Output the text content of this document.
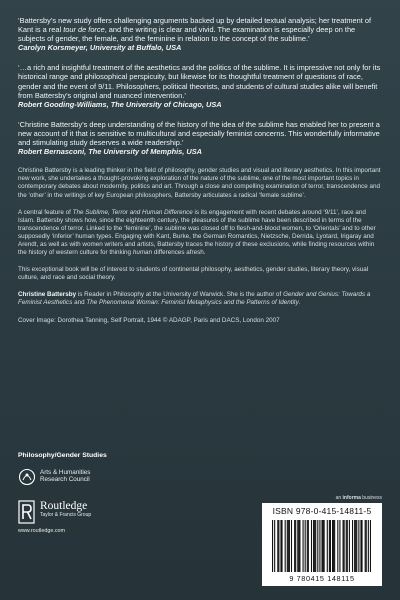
‘Battersby’s new study offers challenging arguments backed up by detailed textual analysis; her treatment of Kant is a real tour de force, and the writing is clear and vivid. The examination is especially deep on the subjects of gender, the female, and the feminine in relation to the concept of the sublime.’

Carolyn Korsmeyer, University at Buffalo, USA

‘…a rich and insightful treatment of the aesthetics and the politics of the sublime. It is impressive not only for its historical range and philosophical perspicuity, but likewise for its thoughtful treatment of questions of race, gender and the event of 9/11. Philosophers, political theorists, and students of cultural studies alike will benefit from Battersby’s original and nuanced intervention.’

Robert Gooding-Williams, The University of Chicago, USA

‘Christine Battersby’s deep understanding of the history of the idea of the sublime has enabled her to present a new account of it that is sensitive to multicultural and especially feminist concerns. This wonderfully informative and stimulating study deserves a wide readership.’

Robert Bernasconi, The University of Memphis, USA

Christine Battersby is a leading thinker in the field of philosophy, gender studies and visual and literary aesthetics. In this important new work, she undertakes a thought-provoking exploration of the nature of the sublime, one of the most important topics in contemporary debates about modernity, politics and art. Through a close and compelling examination of terror, transcendence and the ‘other’ in the writings of key European philosophers, Battersby articulates a radical ‘female sublime’.

A central feature of The Sublime, Terror and Human Difference is its engagement with recent debates around ‘9/11’, race and Islam. Battersby shows how, since the eighteenth century, the pleasures of the sublime have been described in terms of the transcendence of terror. Linked to the ‘feminine’, the sublime was closed off to flesh-and-blood women, to ‘Orientals’ and to other supposedly ‘inferior’ human types. Engaging with Kant, Burke, the German Romantics, Nietzsche, Derrida, Lyotard, Irigaray and Arendt, as well as with women writers and artists, Battersby traces the history of these exclusions, while finding resources within the history of western culture for thinking human differences afresh.

This exceptional book will be of interest to students of continental philosophy, aesthetics, gender studies, literary theory, visual culture, and race and social theory.

Christine Battersby is Reader in Philosophy at the University of Warwick. She is the author of Gender and Genius: Towards a Feminist Aesthetics and The Phenomenal Woman: Feminist Metaphysics and the Patterns of Identity.

Cover Image: Dorothea Tanning, Self Portrait, 1944 © ADAGP, Paris and DACS, London 2007

Philosophy/Gender Studies
Arts & Humanities
Research Council
Routledge
Taylor & Francis Group
www.routledge.com
an informa business
ISBN 978-0-415-14811-5
9 780415 148115
